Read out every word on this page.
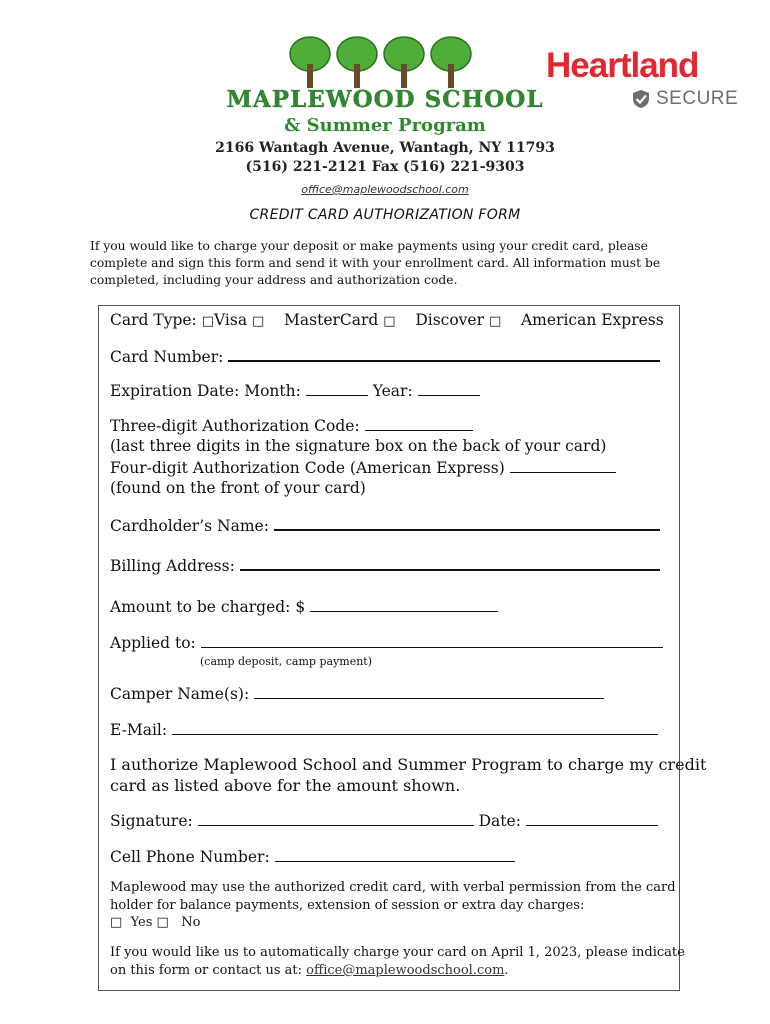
MAPLEWOOD SCHOOL
& Summer Program
2166 Wantagh Avenue, Wantagh, NY 11793
(516) 221-2121 Fax (516) 221-9303
office@maplewoodschool.com
Heartland
SECURE
CREDIT CARD AUTHORIZATION FORM
If you would like to charge your deposit or make payments using your credit card, please complete and sign this form and send it with your enrollment card. All information must be completed, including your address and authorization code.
Card Type: □Visa □ MasterCard □ Discover □ American Express
Card Number:
Expiration Date: Month:	Year:
Three-digit Authorization Code:
(last three digits in the signature box on the back of your card)
Four-digit Authorization Code (American Express)
(found on the front of your card)
Cardholder’s Name:
Billing Address:
Amount to be charged: $
Applied to:
(camp deposit, camp payment)
Camper Name(s):
E-Mail:
I authorize Maplewood School and Summer Program to charge my credit
card as listed above for the amount shown.
Signature:	Date:
Cell Phone Number:
Maplewood may use the authorized credit card, with verbal permission from the card
holder for balance payments, extension of session or extra day charges:
□ Yes □ No
If you would like us to automatically charge your card on April 1, 2023, please indicate
on this form or contact us at: office@maplewoodschool.com.
